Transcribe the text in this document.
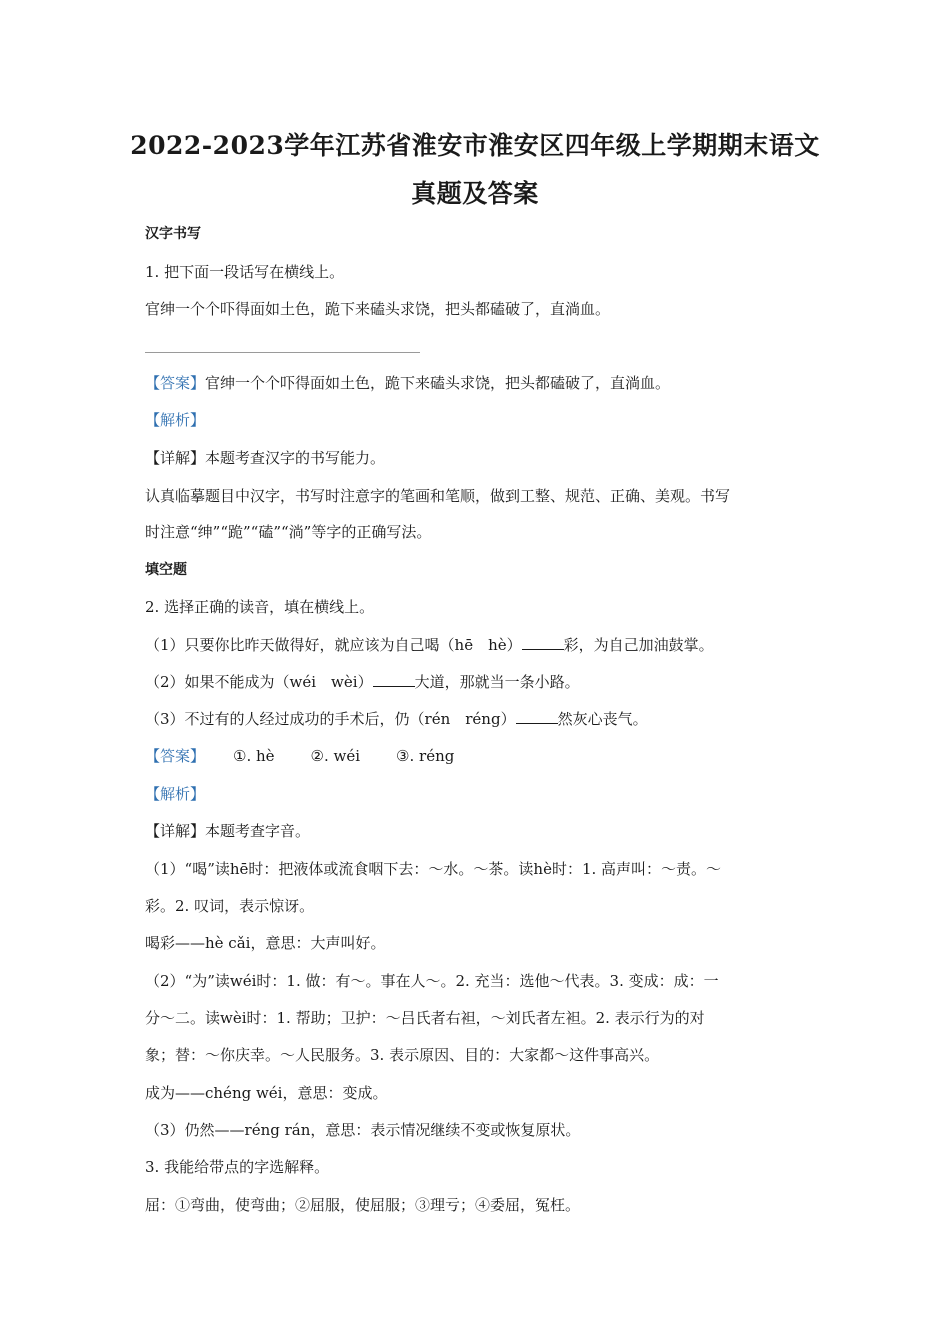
2022-2023学年江苏省淮安市淮安区四年级上学期期末语文
真题及答案
汉字书写
1. 把下面一段话写在横线上。
官绅一个个吓得面如土色，跪下来磕头求饶，把头都磕破了，直淌血。
【答案】官绅一个个吓得面如土色，跪下来磕头求饶，把头都磕破了，直淌血。
【解析】
【详解】本题考查汉字的书写能力。
认真临摹题目中汉字，书写时注意字的笔画和笔顺，做到工整、规范、正确、美观。书写
时注意“绅”“跪”“磕”“淌”等字的正确写法。
填空题
2. 选择正确的读音，填在横线上。
（1）只要你比昨天做得好，就应该为自己喝（hē　hè）	彩，为自己加油鼓掌。
（2）如果不能成为（wéi　wèi）	大道，那就当一条小路。
（3）不过有的人经过成功的手术后，仍（rén　réng）	然灰心丧气。
【答案】 ①. hè ②. wéi ③. réng
【解析】
【详解】本题考查字音。
（1）“喝”读hē时：把液体或流食咽下去：～水。～茶。读hè时：1. 高声叫：～责。～
彩。2. 叹词，表示惊讶。
喝彩——hè cǎi，意思：大声叫好。
（2）“为”读wéi时：1. 做：有～。事在人～。2. 充当：选他～代表。3. 变成：成：一
分～二。读wèi时：1. 帮助；卫护：～吕氏者右袒，～刘氏者左袒。2. 表示行为的对
象；替：～你庆幸。～人民服务。3. 表示原因、目的：大家都～这件事高兴。
成为——chéng wéi，意思：变成。
（3）仍然——réng rán，意思：表示情况继续不变或恢复原状。
3. 我能给带点的字选解释。
屈：①弯曲，使弯曲；②屈服，使屈服；③理亏；④委屈，冤枉。
